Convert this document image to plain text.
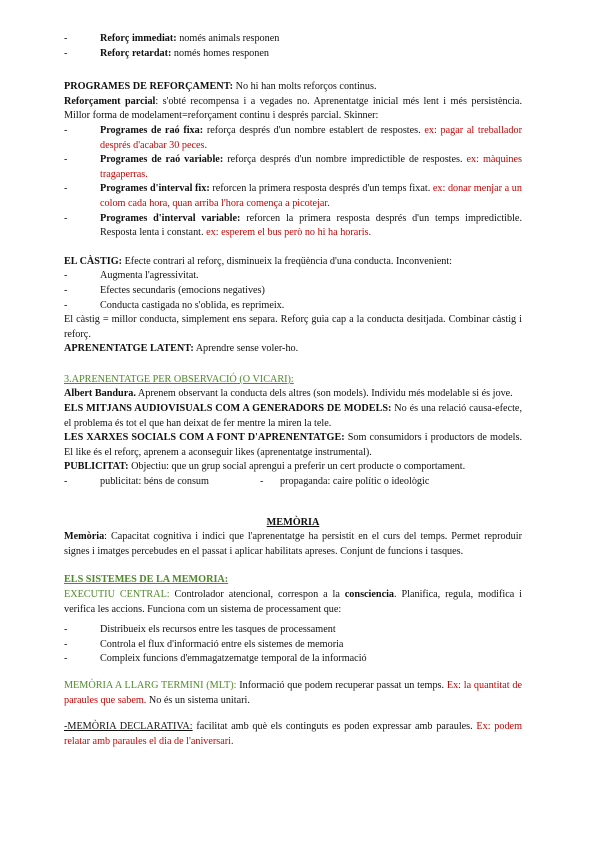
-	Reforç immediat: només animals responen
-	Reforç retardat: només homes responen

PROGRAMES DE REFORÇAMENT: No hi han molts reforços continus.

Reforçament parcial: s'obté recompensa i a vegades no. Aprenentatge inicial més lent i més persistència. Millor forma de modelament=reforçament continu i després parcial. Skinner:

-	Programes de raó fixa: reforça després d'un nombre establert de respostes. ex: pagar al treballador després d'acabar 30 peces.
-	Programes de raó variable: reforça després d'un nombre impredictible de respostes. ex: màquines tragaperras.
-	Programes d'interval fix: reforcen la primera resposta després d'un temps fixat. ex: donar menjar a un colom cada hora, quan arriba l'hora comença a picotejar.
-	Programes d'interval variable: reforcen la primera resposta després d'un temps impredictible. Resposta lenta i constant. ex: esperem el bus però no hi ha horaris.

EL CÀSTIG: Efecte contrari al reforç, disminueix la freqüència d'una conducta. Inconvenient:

-	Augmenta l'agressivitat.
-	Efectes secundaris (emocions negatives)
-	Conducta castigada no s'oblida, es reprimeix.

El càstig = millor conducta, simplement ens separa. Reforç guia cap a la conducta desitjada. Combinar càstig i reforç.

APRENENTATGE LATENT: Aprendre sense voler-ho.

3.APRENENTATGE PER OBSERVACIÓ (O VICARI):

Albert Bandura. Aprenem observant la conducta dels altres (son models). Individu més modelable si és jove.

ELS MITJANS AUDIOVISUALS COM A GENERADORS DE MODELS: No és una relació causa-efecte, el problema és tot el que han deixat de fer mentre la miren la tele.

LES XARXES SOCIALS COM A FONT D'APRENENTATGE: Som consumidors i productors de models. El like és el reforç, aprenem a aconseguir likes (aprenentatge instrumental).

PUBLICITAT: Objectiu: que un grup social aprengui a preferir un cert producte o comportament.

-	publicitat: béns de consum	-	propaganda: caire polític o ideològic

MEMÒRIA

Memòria: Capacitat cognitiva i indici que l'aprenentatge ha persistit en el curs del temps. Permet reproduir signes i imatges percebudes en el passat i aplicar habilitats apreses. Conjunt de funcions i tasques.

ELS SISTEMES DE LA MEMORIA:

EXECUTIU CENTRAL: Controlador atencional, correspon a la consciencia. Planifica, regula, modifica i verifica les accions. Funciona com un sistema de processament que:

-	Distribueix els recursos entre les tasques de processament
-	Controla el flux d'informació entre els sistemes de memoria
-	Compleix funcions d'emmagatzematge temporal de la informació

MEMÒRIA A LLARG TERMINI (MLT): Informació que podem recuperar passat un temps. Ex: la quantitat de paraules que sabem. No és un sistema unitari.

-MEMÒRIA DECLARATIVA: facilitat amb què els continguts es poden expressar amb paraules. Ex: podem relatar amb paraules el dia de l'aniversari.
